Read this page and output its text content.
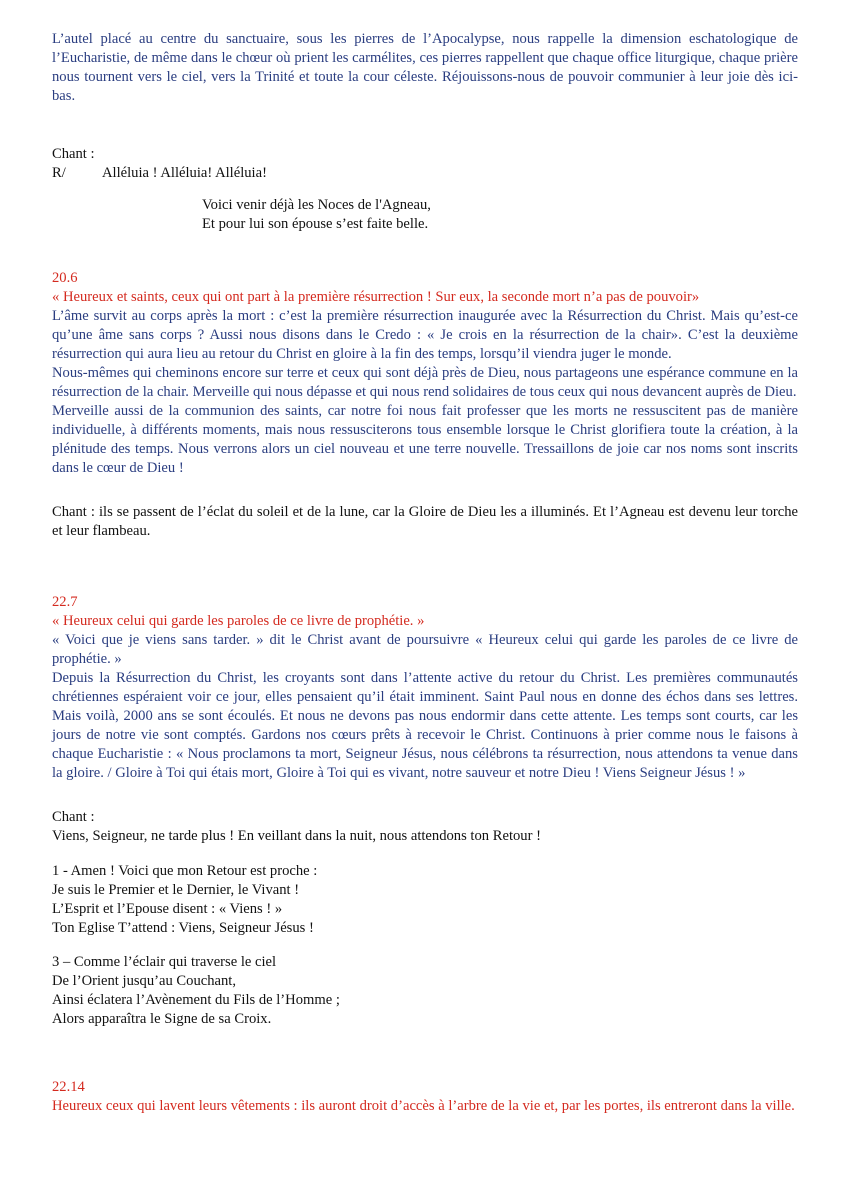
L’autel placé au centre du sanctuaire, sous les pierres de l’Apocalypse, nous rappelle la dimension eschatologique de l’Eucharistie, de même dans le chœur où prient les carmélites, ces pierres rappellent que chaque office liturgique, chaque prière nous tournent vers le ciel, vers la Trinité et toute la cour céleste. Réjouissons-nous de pouvoir communier à leur joie dès ici-bas.

Chant :
R/ Alléluia ! Alléluia! Alléluia!
Voici venir déjà les Noces de l'Agneau,
Et pour lui son épouse s’est faite belle.
20.6
« Heureux et saints, ceux qui ont part à la première résurrection ! Sur eux, la seconde mort n’a pas de pouvoir»

L’âme survit au corps après la mort : c’est la première résurrection inaugurée avec la Résurrection du Christ. Mais qu’est-ce qu’une âme sans corps ? Aussi nous disons dans le Credo : « Je crois en la résurrection de la chair». C’est la deuxième résurrection qui aura lieu au retour du Christ en gloire à la fin des temps, lorsqu’il viendra juger le monde.

Nous-mêmes qui cheminons encore sur terre et ceux qui sont déjà près de Dieu, nous partageons une espérance commune en la résurrection de la chair. Merveille qui nous dépasse et qui nous rend solidaires de tous ceux qui nous devancent auprès de Dieu.

Merveille aussi de la communion des saints, car notre foi nous fait professer que les morts ne ressuscitent pas de manière individuelle, à différents moments, mais nous ressusciterons tous ensemble lorsque le Christ glorifiera toute la création, à la plénitude des temps. Nous verrons alors un ciel nouveau et une terre nouvelle. Tressaillons de joie car nos noms sont inscrits dans le cœur de Dieu !

Chant : ils se passent de l’éclat du soleil et de la lune, car la Gloire de Dieu les a illuminés. Et l’Agneau est devenu leur torche et leur flambeau.

22.7
« Heureux celui qui garde les paroles de ce livre de prophétie. »

« Voici que je viens sans tarder. » dit le Christ avant de poursuivre « Heureux celui qui garde les paroles de ce livre de prophétie. »

Depuis la Résurrection du Christ, les croyants sont dans l’attente active du retour du Christ. Les premières communautés chrétiennes espéraient voir ce jour, elles pensaient qu’il était imminent. Saint Paul nous en donne des échos dans ses lettres. Mais voilà, 2000 ans se sont écoulés. Et nous ne devons pas nous endormir dans cette attente. Les temps sont courts, car les jours de notre vie sont comptés. Gardons nos cœurs prêts à recevoir le Christ. Continuons à prier comme nous le faisons à chaque Eucharistie : « Nous proclamons ta mort, Seigneur Jésus, nous célébrons ta résurrection, nous attendons ta venue dans la gloire. / Gloire à Toi qui étais mort, Gloire à Toi qui es vivant, notre sauveur et notre Dieu ! Viens Seigneur Jésus ! »

Chant :
Viens, Seigneur, ne tarde plus ! En veillant dans la nuit, nous attendons ton Retour !
1 - Amen ! Voici que mon Retour est proche :
Je suis le Premier et le Dernier, le Vivant !
L’Esprit et l’Epouse disent : « Viens ! »
Ton Eglise T’attend : Viens, Seigneur Jésus !
3 – Comme l’éclair qui traverse le ciel
De l’Orient jusqu’au Couchant,
Ainsi éclatera l’Avènement du Fils de l’Homme ;
Alors apparaîtra le Signe de sa Croix.
22.14

Heureux ceux qui lavent leurs vêtements : ils auront droit d’accès à l’arbre de la vie et, par les portes, ils entreront dans la ville.
